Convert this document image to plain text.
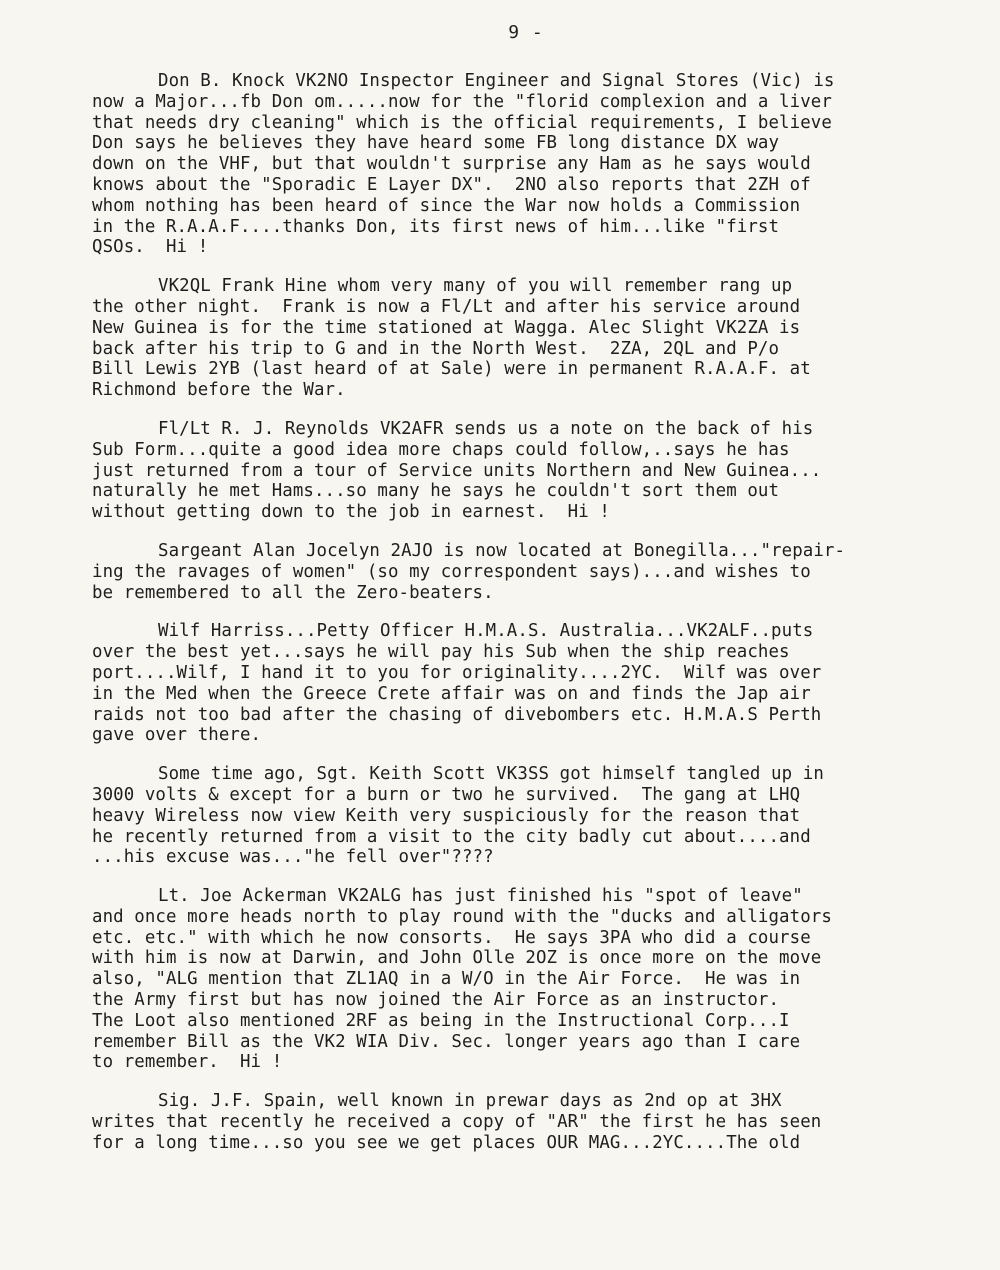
9 -
Don B. Knock VK2NO Inspector Engineer and Signal Stores (Vic) is
now a Major...fb Don om.....now for the "florid complexion and a liver
that needs dry cleaning" which is the official requirements, I believe
Don says he believes they have heard some FB long distance DX way
down on the VHF, but that wouldn't surprise any Ham as he says would
knows about the "Sporadic E Layer DX".  2NO also reports that 2ZH of
whom nothing has been heard of since the War now holds a Commission
in the R.A.A.F....thanks Don, its first news of him...like "first
QSOs.  Hi !
VK2QL Frank Hine whom very many of you will remember rang up
the other night.  Frank is now a Fl/Lt and after his service around
New Guinea is for the time stationed at Wagga. Alec Slight VK2ZA is
back after his trip to G and in the North West.  2ZA, 2QL and P/o
Bill Lewis 2YB (last heard of at Sale) were in permanent R.A.A.F. at
Richmond before the War.
Fl/Lt R. J. Reynolds VK2AFR sends us a note on the back of his
Sub Form...quite a good idea more chaps could follow,..says he has
just returned from a tour of Service units Northern and New Guinea...
naturally he met Hams...so many he says he couldn't sort them out
without getting down to the job in earnest.  Hi !
Sargeant Alan Jocelyn 2AJO is now located at Bonegilla..."repair-
ing the ravages of women" (so my correspondent says)...and wishes to
be remembered to all the Zero-beaters.
Wilf Harriss...Petty Officer H.M.A.S. Australia...VK2ALF..puts
over the best yet...says he will pay his Sub when the ship reaches
port....Wilf, I hand it to you for originality....2YC.  Wilf was over
in the Med when the Greece Crete affair was on and finds the Jap air
raids not too bad after the chasing of divebombers etc. H.M.A.S Perth
gave over there.
Some time ago, Sgt. Keith Scott VK3SS got himself tangled up in
3000 volts & except for a burn or two he survived.  The gang at LHQ
heavy Wireless now view Keith very suspiciously for the reason that
he recently returned from a visit to the city badly cut about....and
...his excuse was..."he fell over"????
Lt. Joe Ackerman VK2ALG has just finished his "spot of leave"
and once more heads north to play round with the "ducks and alligators
etc. etc." with which he now consorts.  He says 3PA who did a course
with him is now at Darwin, and John Olle 2OZ is once more on the move
also, "ALG mention that ZL1AQ in a W/O in the Air Force.  He was in
the Army first but has now joined the Air Force as an instructor.
The Loot also mentioned 2RF as being in the Instructional Corp...I
remember Bill as the VK2 WIA Div. Sec. longer years ago than I care
to remember.  Hi !
Sig. J.F. Spain, well known in prewar days as 2nd op at 3HX
writes that recently he received a copy of "AR" the first he has seen
for a long time...so you see we get places OUR MAG...2YC....The old
